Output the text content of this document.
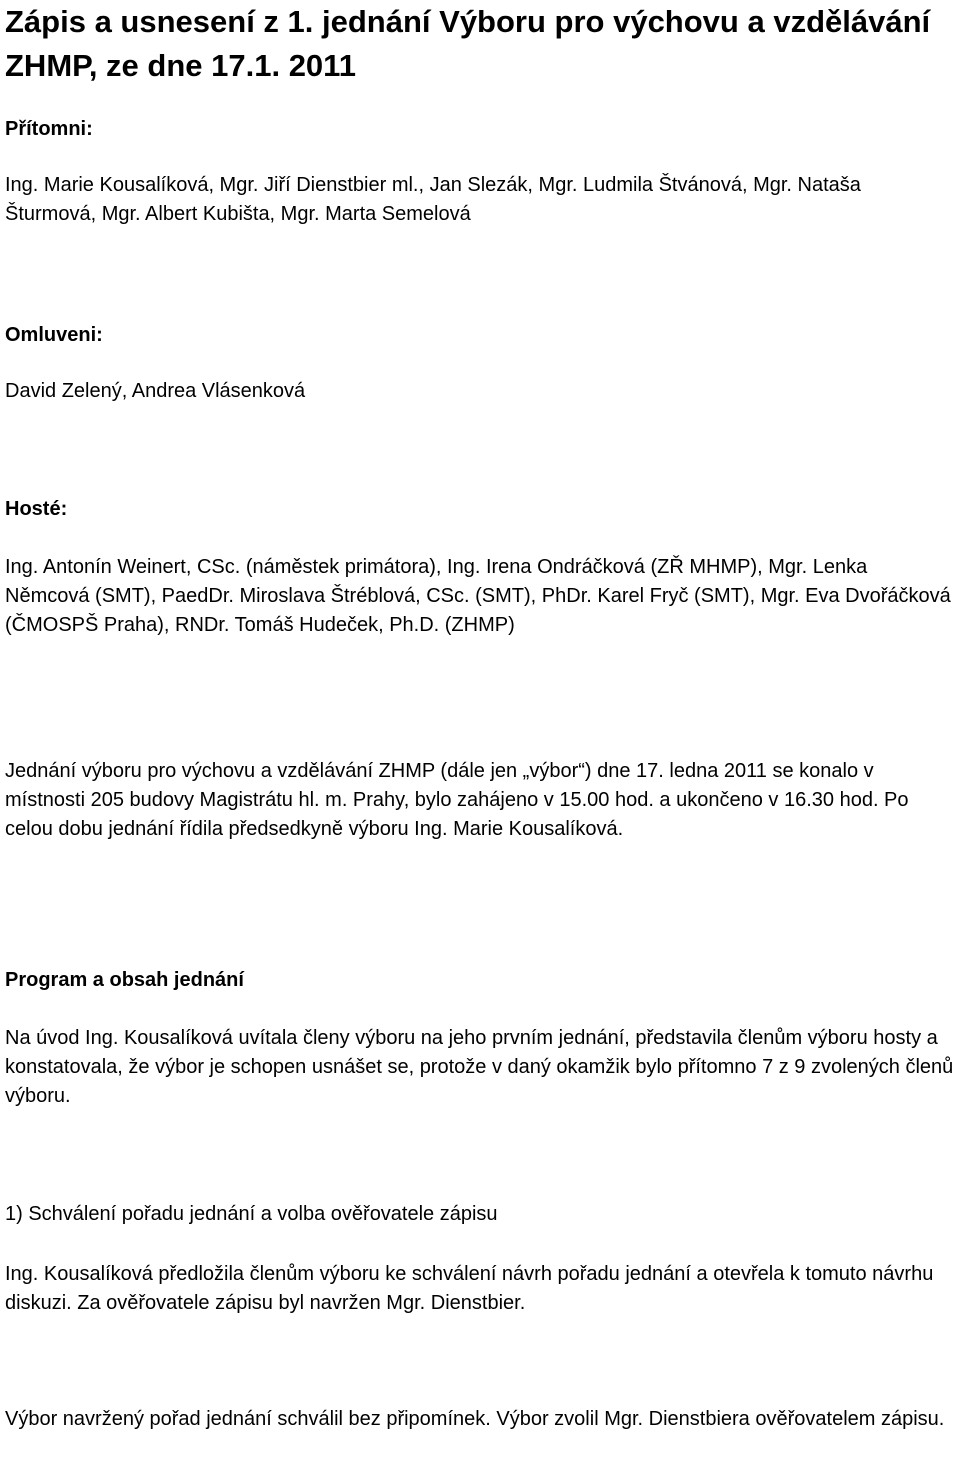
Zápis a usnesení z 1. jednání Výboru pro výchovu a vzdělávání ZHMP, ze dne 17.1. 2011

Přítomni:

Ing. Marie Kousalíková, Mgr. Jiří Dienstbier ml., Jan Slezák, Mgr. Ludmila Štvánová, Mgr. Nataša Šturmová, Mgr. Albert Kubišta, Mgr. Marta Semelová

Omluveni:

David Zelený, Andrea Vlásenková

Hosté:

Ing. Antonín Weinert, CSc. (náměstek primátora), Ing. Irena Ondráčková (ZŘ MHMP), Mgr. Lenka Němcová (SMT), PaedDr. Miroslava Štréblová, CSc. (SMT), PhDr. Karel Fryč (SMT), Mgr. Eva Dvořáčková (ČMOSPŠ Praha), RNDr. Tomáš Hudeček, Ph.D. (ZHMP)

Jednání výboru pro výchovu a vzdělávání ZHMP (dále jen „výbor“) dne 17. ledna 2011 se konalo v místnosti 205 budovy Magistrátu hl. m. Prahy, bylo zahájeno v 15.00 hod. a ukončeno v 16.30 hod. Po celou dobu jednání řídila předsedkyně výboru Ing. Marie Kousalíková.

Program a obsah jednání

Na úvod Ing. Kousalíková uvítala členy výboru na jeho prvním jednání, představila členům výboru hosty a konstatovala, že výbor je schopen usnášet se, protože v daný okamžik bylo přítomno 7 z 9 zvolených členů výboru.

1) Schválení pořadu jednání a volba ověřovatele zápisu

Ing. Kousalíková předložila členům výboru ke schválení návrh pořadu jednání a otevřela k tomuto návrhu diskuzi. Za ověřovatele zápisu byl navržen Mgr. Dienstbier.

Výbor navržený pořad jednání schválil bez připomínek. Výbor zvolil Mgr. Dienstbiera ověřovatelem zápisu.
